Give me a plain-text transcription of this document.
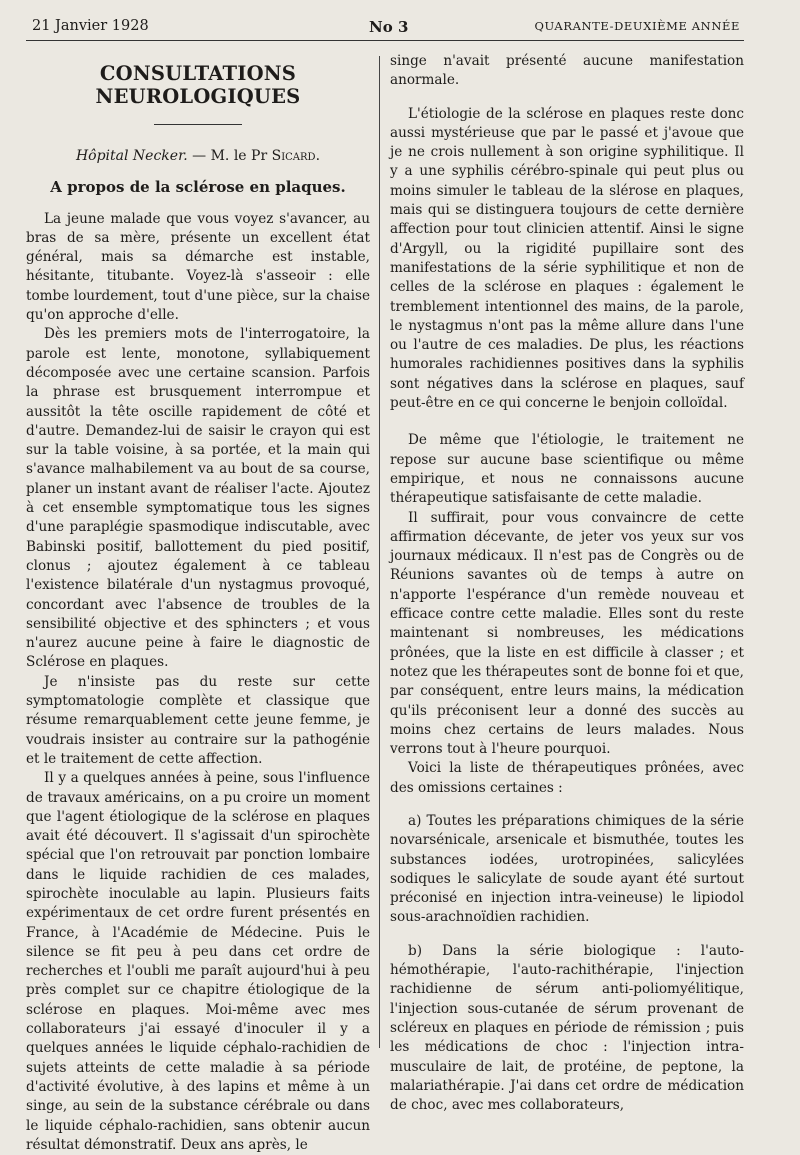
21 Janvier 1928	No 3	QUARANTE-DEUXIÈME ANNÉE
CONSULTATIONS NEUROLOGIQUES

Hôpital Necker. — M. le Pr Sicard.

A propos de la sclérose en plaques.

La jeune malade que vous voyez s'avancer, au bras de sa mère, présente un excellent état général, mais sa démarche est instable, hésitante, titubante. Voyez-là s'asseoir : elle tombe lourdement, tout d'une pièce, sur la chaise qu'on approche d'elle.

Dès les premiers mots de l'interrogatoire, la parole est lente, monotone, syllabiquement décomposée avec une certaine scansion. Parfois la phrase est brusquement interrompue et aussitôt la tête oscille rapidement de côté et d'autre. Demandez-lui de saisir le crayon qui est sur la table voisine, à sa portée, et la main qui s'avance malhabilement va au bout de sa course, planer un instant avant de réaliser l'acte. Ajoutez à cet ensemble symptomatique tous les signes d'une paraplégie spasmodique indiscutable, avec Babinski positif, ballottement du pied positif, clonus ; ajoutez également à ce tableau l'existence bilatérale d'un nystagmus provoqué, concordant avec l'absence de troubles de la sensibilité objective et des sphincters ; et vous n'aurez aucune peine à faire le diagnostic de Sclérose en plaques.

Je n'insiste pas du reste sur cette symptomatologie complète et classique que résume remarquablement cette jeune femme, je voudrais insister au contraire sur la pathogénie et le traitement de cette affection.

Il y a quelques années à peine, sous l'influence de travaux américains, on a pu croire un moment que l'agent étiologique de la sclérose en plaques avait été découvert. Il s'agissait d'un spirochète spécial que l'on retrouvait par ponction lombaire dans le liquide rachidien de ces malades, spirochète inoculable au lapin. Plusieurs faits expérimentaux de cet ordre furent présentés en France, à l'Académie de Médecine. Puis le silence se fit peu à peu dans cet ordre de recherches et l'oubli me paraît aujourd'hui à peu près complet sur ce chapitre étiologique de la sclérose en plaques. Moi-même avec mes collaborateurs j'ai essayé d'inoculer il y a quelques années le liquide céphalo-rachidien de sujets atteints de cette maladie à sa période d'activité évolutive, à des lapins et même à un singe, au sein de la substance cérébrale ou dans le liquide céphalo-rachidien, sans obtenir aucun résultat démonstratif. Deux ans après, le

singe n'avait présenté aucune manifestation anormale.

L'étiologie de la sclérose en plaques reste donc aussi mystérieuse que par le passé et j'avoue que je ne crois nullement à son origine syphilitique. Il y a une syphilis cérébro-spinale qui peut plus ou moins simuler le tableau de la slérose en plaques, mais qui se distinguera toujours de cette dernière affection pour tout clinicien attentif. Ainsi le signe d'Argyll, ou la rigidité pupillaire sont des manifestations de la série syphilitique et non de celles de la sclérose en plaques : également le tremblement intentionnel des mains, de la parole, le nystagmus n'ont pas la même allure dans l'une ou l'autre de ces maladies. De plus, les réactions humorales rachidiennes positives dans la syphilis sont négatives dans la sclérose en plaques, sauf peut-être en ce qui concerne le benjoin colloïdal.

De même que l'étiologie, le traitement ne repose sur aucune base scientifique ou même empirique, et nous ne connaissons aucune thérapeutique satisfaisante de cette maladie.

Il suffirait, pour vous convaincre de cette affirmation décevante, de jeter vos yeux sur vos journaux médicaux. Il n'est pas de Congrès ou de Réunions savantes où de temps à autre on n'apporte l'espérance d'un remède nouveau et efficace contre cette maladie. Elles sont du reste maintenant si nombreuses, les médications prônées, que la liste en est difficile à classer ; et notez que les thérapeutes sont de bonne foi et que, par conséquent, entre leurs mains, la médication qu'ils préconisent leur a donné des succès au moins chez certains de leurs malades. Nous verrons tout à l'heure pourquoi.

Voici la liste de thérapeutiques prônées, avec des omissions certaines :

a) Toutes les préparations chimiques de la série novarsénicale, arsenicale et bismuthée, toutes les substances iodées, urotropinées, salicylées sodiques le salicylate de soude ayant été surtout préconisé en injection intra-veineuse) le lipiodol sous-arachnoïdien rachidien.

b) Dans la série biologique : l'auto-hémothérapie, l'auto-rachithérapie, l'injection rachidienne de sérum anti-poliomyélitique, l'injection sous-cutanée de sérum provenant de scléreux en plaques en période de rémission ; puis les médications de choc : l'injection intra-musculaire de lait, de protéine, de peptone, la malariathérapie. J'ai dans cet ordre de médication de choc, avec mes collaborateurs,
